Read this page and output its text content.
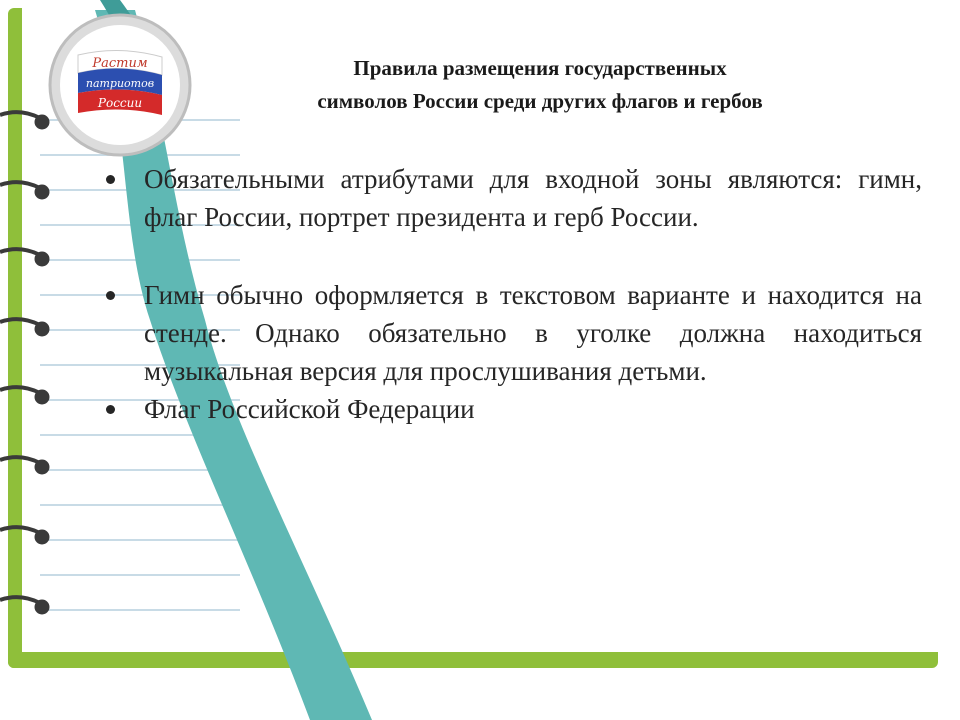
Растим
патриотов
России
Правила размещения государственных
символов России среди других флагов и гербов
Обязательными атрибутами для входной зоны являются: гимн, флаг России, портрет президента и герб России.
Гимн обычно оформляется в текстовом варианте и находится на стенде. Однако обязательно в уголке должна находиться музыкальная версия для прослушивания детьми.
Флаг Российской Федерации
